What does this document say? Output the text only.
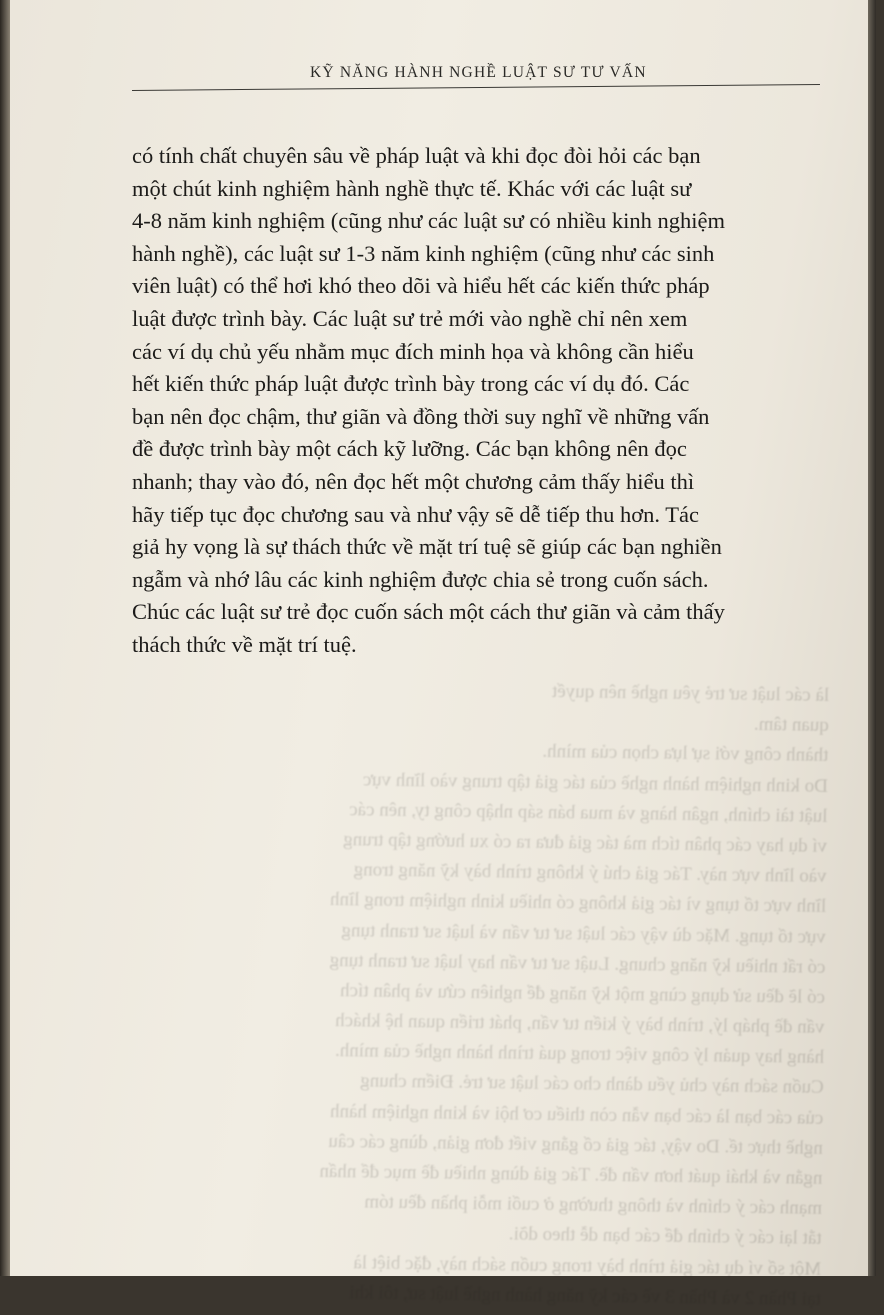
KỸ NĂNG HÀNH NGHỀ LUẬT SƯ TƯ VẤN
có tính chất chuyên sâu về pháp luật và khi đọc đòi hỏi các bạn
một chút kinh nghiệm hành nghề thực tế. Khác với các luật sư
4-8 năm kinh nghiệm (cũng như các luật sư có nhiều kinh nghiệm
hành nghề), các luật sư 1-3 năm kinh nghiệm (cũng như các sinh
viên luật) có thể hơi khó theo dõi và hiểu hết các kiến thức pháp
luật được trình bày. Các luật sư trẻ mới vào nghề chỉ nên xem
các ví dụ chủ yếu nhằm mục đích minh họa và không cần hiểu
hết kiến thức pháp luật được trình bày trong các ví dụ đó. Các
bạn nên đọc chậm, thư giãn và đồng thời suy nghĩ về những vấn
đề được trình bày một cách kỹ lưỡng. Các bạn không nên đọc
nhanh; thay vào đó, nên đọc hết một chương cảm thấy hiểu thì
hãy tiếp tục đọc chương sau và như vậy sẽ dễ tiếp thu hơn. Tác
giả hy vọng là sự thách thức về mặt trí tuệ sẽ giúp các bạn nghiền
ngẫm và nhớ lâu các kinh nghiệm được chia sẻ trong cuốn sách.
Chúc các luật sư trẻ đọc cuốn sách một cách thư giãn và cảm thấy
thách thức về mặt trí tuệ.
là các luật sư trẻ yêu nghề nên quyết
quan tâm.
thành công với sự lựa chọn của mình.
Do kinh nghiệm hành nghề của tác giả tập trung vào lĩnh vực
luật tài chính, ngân hàng và mua bán sáp nhập công ty, nên các
ví dụ hay các phân tích mà tác giả đưa ra có xu hướng tập trung
vào lĩnh vực này. Tác giả chú ý không trình bày kỹ năng trong
lĩnh vực tố tụng vì tác giả không có nhiều kinh nghiệm trong lĩnh
vực tố tụng. Mặc dù vậy các luật sư tư vấn và luật sư tranh tụng
có rất nhiều kỹ năng chung. Luật sư tư vấn hay luật sư tranh tụng
có lẽ đều sử dụng cùng một kỹ năng để nghiên cứu và phân tích
vấn đề pháp lý, trình bày ý kiến tư vấn, phát triển quan hệ khách
hàng hay quản lý công việc trong quá trình hành nghề của mình.
Cuốn sách này chủ yếu dành cho các luật sư trẻ. Điểm chung
của các bạn là các bạn vẫn còn thiếu cơ hội và kinh nghiệm hành
nghề thực tế. Do vậy, tác giả cố gắng viết đơn giản, dùng các câu
ngắn và khái quát hơn vấn đề. Tác giả dùng nhiều đề mục để nhấn
mạnh các ý chính và thông thường ở cuối mỗi phần đều tóm
tắt lại các ý chính để các bạn dễ theo dõi.
Một số ví dụ tác giả trình bày trong cuốn sách này, đặc biệt là
tại Phần 2 và Phần 3 về các kỹ năng hành nghề luật sư, tôi khi
